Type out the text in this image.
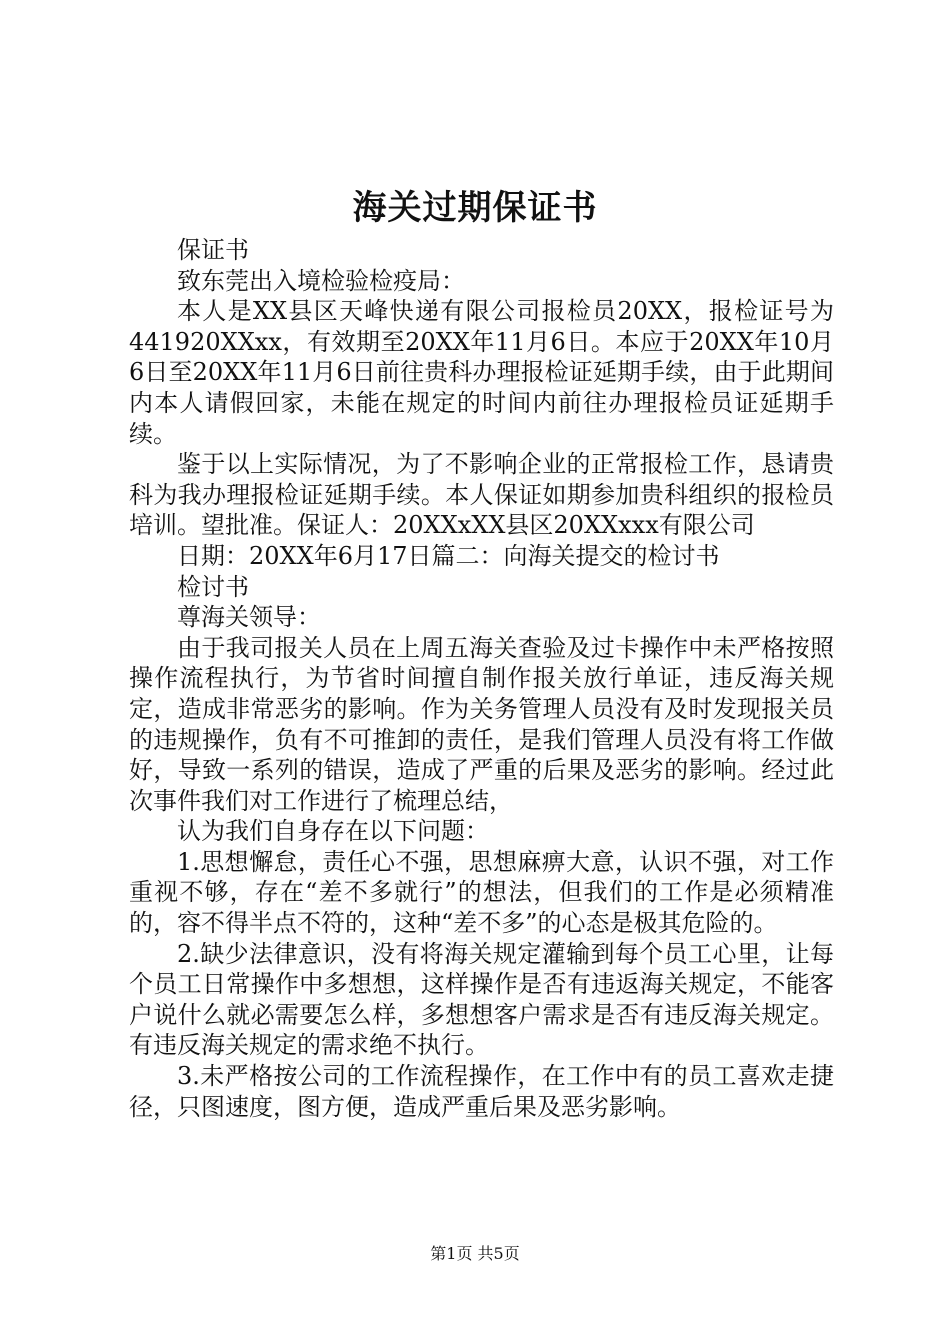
海关过期保证书

保证书

致东莞出入境检验检疫局：

本人是XX县区天峰快递有限公司报检员20XX，报检证号为441920XXxx，有效期至20XX年11月6日。本应于20XX年10月6日至20XX年11月6日前往贵科办理报检证延期手续，由于此期间内本人请假回家，未能在规定的时间内前往办理报检员证延期手续。

鉴于以上实际情况，为了不影响企业的正常报检工作，恳请贵科为我办理报检证延期手续。本人保证如期参加贵科组织的报检员培训。望批准。保证人：20XXxXX县区20XXxxx有限公司

日期：20XX年6月17日篇二：向海关提交的检讨书

检讨书

尊海关领导：

由于我司报关人员在上周五海关查验及过卡操作中未严格按照操作流程执行，为节省时间擅自制作报关放行单证，违反海关规定，造成非常恶劣的影响。作为关务管理人员没有及时发现报关员的违规操作，负有不可推卸的责任，是我们管理人员没有将工作做好，导致一系列的错误，造成了严重的后果及恶劣的影响。经过此次事件我们对工作进行了梳理总结，

认为我们自身存在以下问题：

1.思想懈怠，责任心不强，思想麻痹大意，认识不强，对工作重视不够，存在“差不多就行”的想法，但我们的工作是必须精准的，容不得半点不符的，这种“差不多”的心态是极其危险的。

2.缺少法律意识，没有将海关规定灌输到每个员工心里，让每个员工日常操作中多想想，这样操作是否有违返海关规定，不能客户说什么就必需要怎么样，多想想客户需求是否有违反海关规定。有违反海关规定的需求绝不执行。

3.未严格按公司的工作流程操作，在工作中有的员工喜欢走捷径，只图速度，图方便，造成严重后果及恶劣影响。

第1页 共5页
